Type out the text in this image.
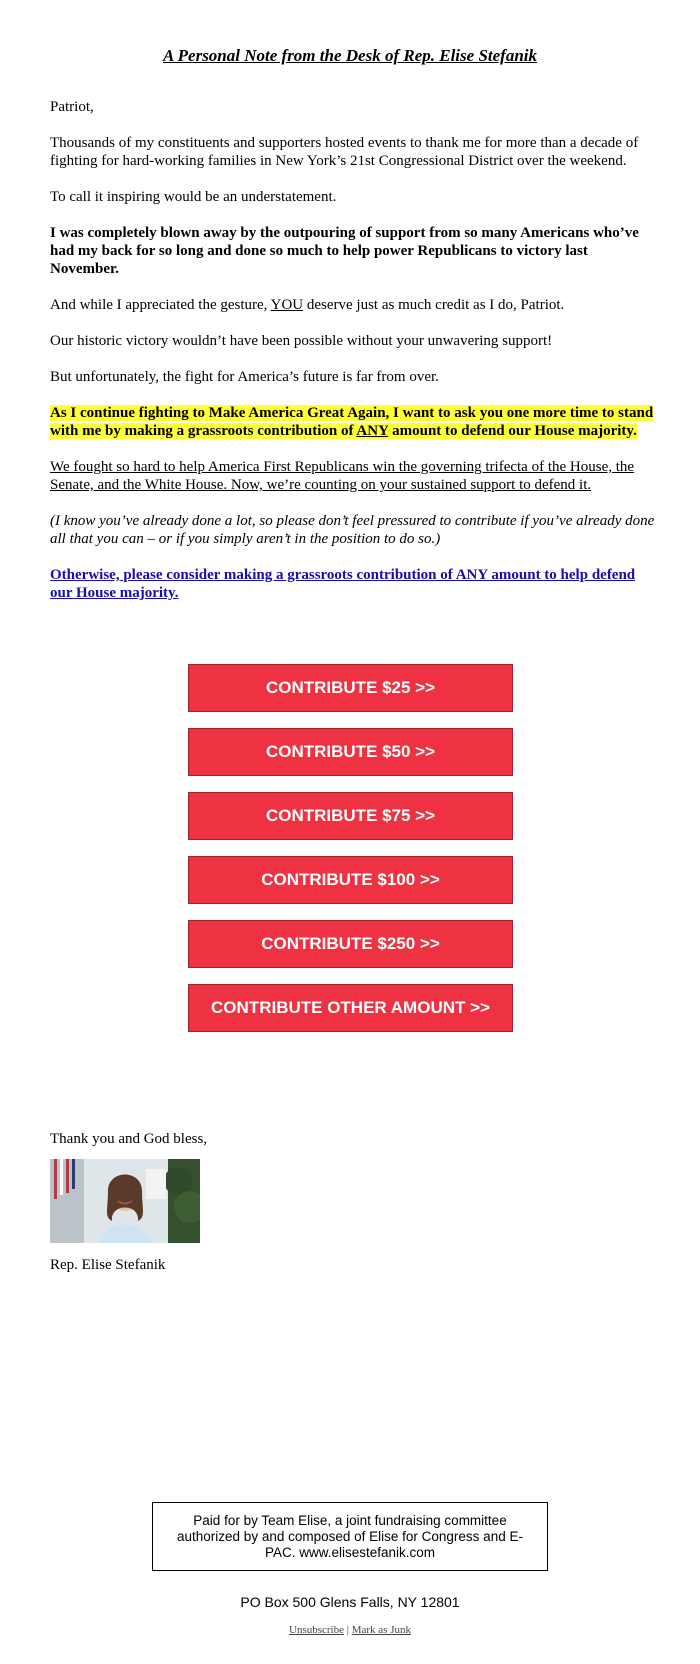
A Personal Note from the Desk of Rep. Elise Stefanik

Patriot,

Thousands of my constituents and supporters hosted events to thank me for more than a decade of fighting for hard-working families in New York’s 21st Congressional District over the weekend.

To call it inspiring would be an understatement.

I was completely blown away by the outpouring of support from so many Americans who’ve had my back for so long and done so much to help power Republicans to victory last November.

And while I appreciated the gesture, YOU deserve just as much credit as I do, Patriot.

Our historic victory wouldn’t have been possible without your unwavering support!

But unfortunately, the fight for America’s future is far from over.

As I continue fighting to Make America Great Again, I want to ask you one more time to stand with me by making a grassroots contribution of ANY amount to defend our House majority.

We fought so hard to help America First Republicans win the governing trifecta of the House, the Senate, and the White House. Now, we’re counting on your sustained support to defend it.

(I know you’ve already done a lot, so please don’t feel pressured to contribute if you’ve already done all that you can – or if you simply aren’t in the position to do so.)

Otherwise, please consider making a grassroots contribution of ANY amount to help defend our House majority.

CONTRIBUTE $25 >>
CONTRIBUTE $50 >>
CONTRIBUTE $75 >>
CONTRIBUTE $100 >>
CONTRIBUTE $250 >>
CONTRIBUTE OTHER AMOUNT >>
Thank you and God bless,
Rep. Elise Stefanik
Paid for by Team Elise, a joint fundraising committee authorized by and composed of Elise for Congress and E-PAC. www.elisestefanik.com
PO Box 500 Glens Falls, NY 12801
Unsubscribe | Mark as Junk
